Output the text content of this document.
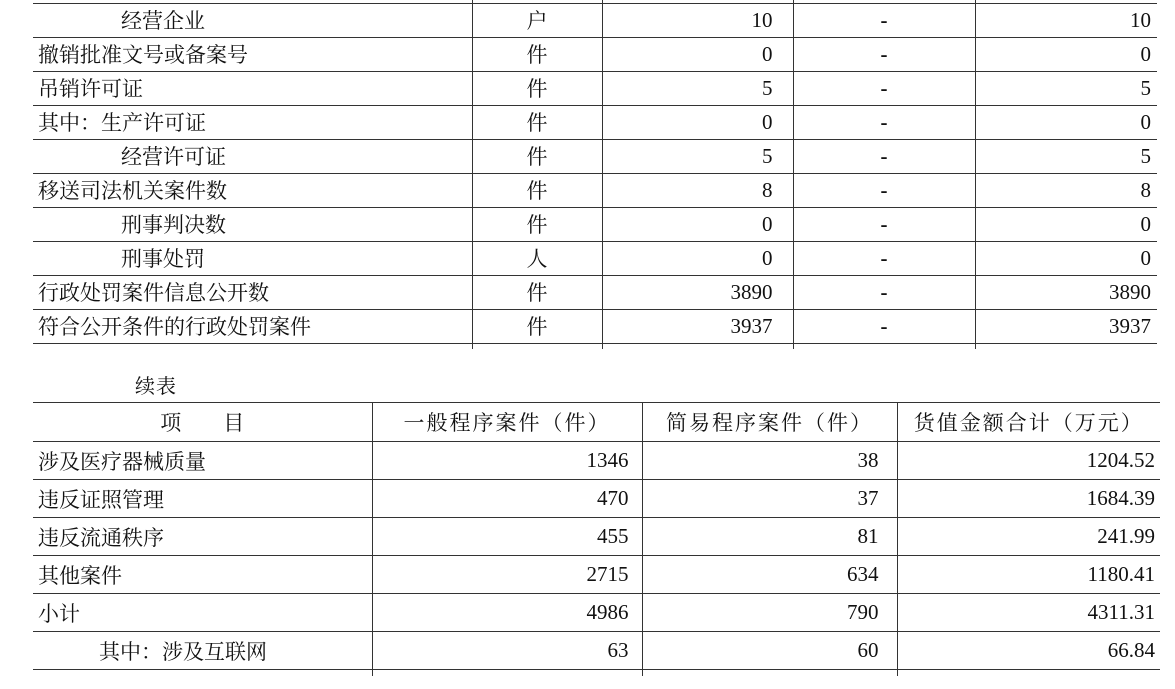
经营企业	户	10	-	10
撤销批准文号或备案号	件	0	-	0
吊销许可证	件	5	-	5
其中：生产许可证	件	0	-	0
经营许可证	件	5	-	5
移送司法机关案件数	件	8	-	8
刑事判决数	件	0	-	0
刑事处罚	人	0	-	0
行政处罚案件信息公开数	件	3890	-	3890
符合公开条件的行政处罚案件	件	3937	-	3937

续表
项　　目	一般程序案件（件）	简易程序案件（件）	货值金额合计（万元）
涉及医疗器械质量	1346	38	1204.52
违反证照管理	470	37	1684.39
违反流通秩序	455	81	241.99
其他案件	2715	634	1180.41
小计	4986	790	4311.31
其中：涉及互联网	63	60	66.84
